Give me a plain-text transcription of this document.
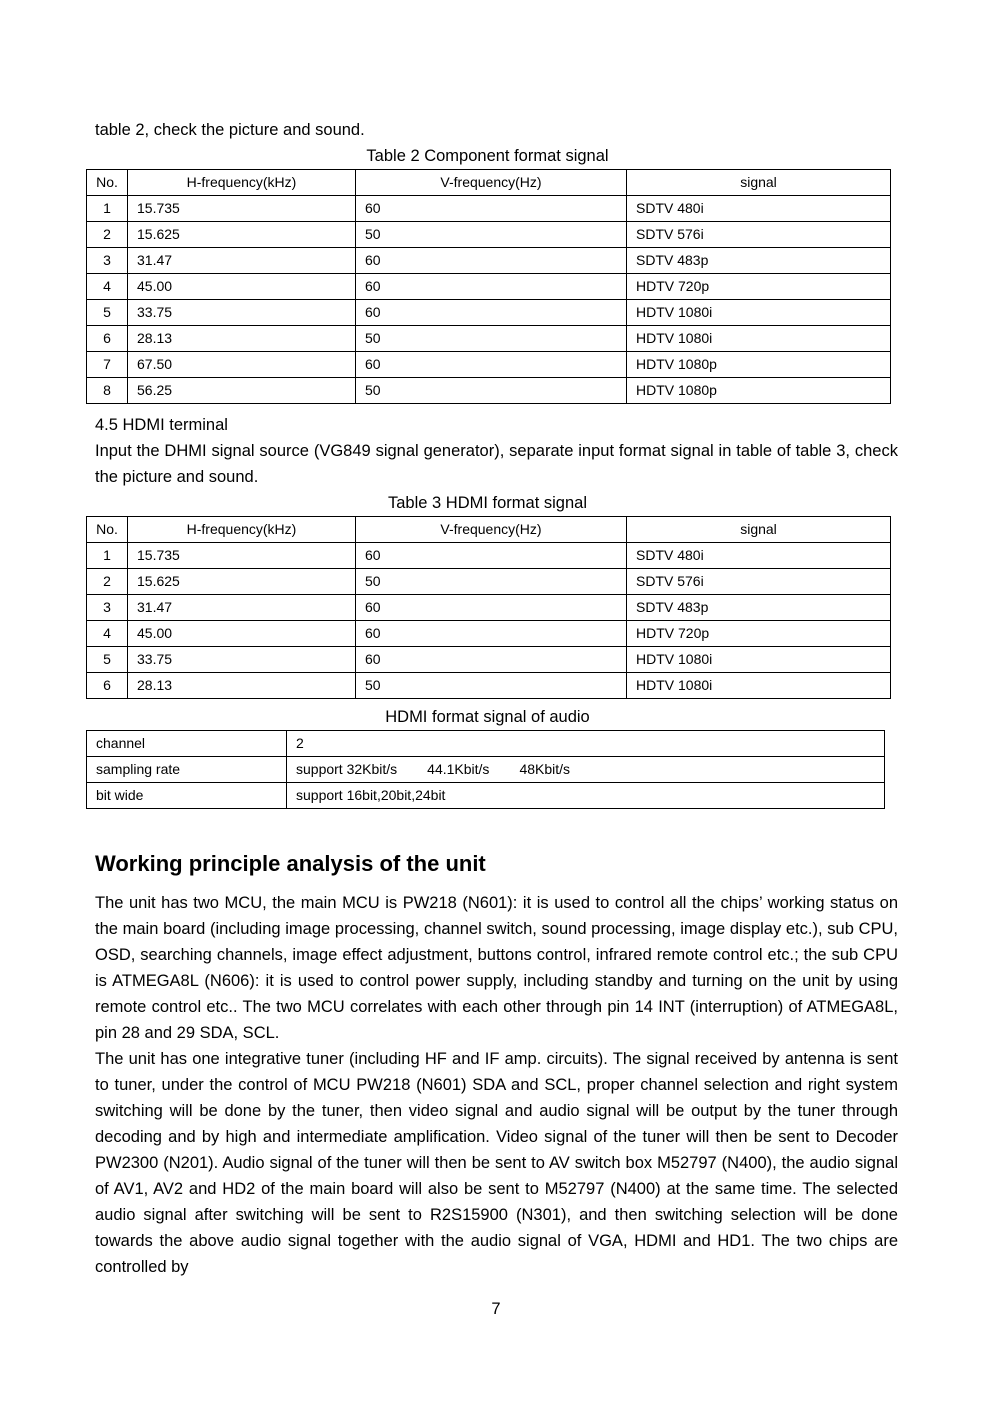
table 2, check the picture and sound.

Table 2 Component format signal

No.	H-frequency(kHz)	V-frequency(Hz)	signal
1	15.735	60	SDTV 480i
2	15.625	50	SDTV 576i
3	31.47	60	SDTV 483p
4	45.00	60	HDTV 720p
5	33.75	60	HDTV 1080i
6	28.13	50	HDTV 1080i
7	67.50	60	HDTV 1080p
8	56.25	50	HDTV 1080p

4.5 HDMI terminal

Input the DHMI signal source (VG849 signal generator), separate input format signal in table of table 3, check the picture and sound.

Table 3 HDMI format signal

No.	H-frequency(kHz)	V-frequency(Hz)	signal
1	15.735	60	SDTV 480i
2	15.625	50	SDTV 576i
3	31.47	60	SDTV 483p
4	45.00	60	HDTV 720p
5	33.75	60	HDTV 1080i
6	28.13	50	HDTV 1080i

HDMI format signal of audio

channel	2
sampling rate	support 32Kbit/s 44.1Kbit/s 48Kbit/s
bit wide	support 16bit,20bit,24bit
Working principle analysis of the unit

The unit has two MCU, the main MCU is PW218 (N601): it is used to control all the chips’ working status on the main board (including image processing, channel switch, sound processing, image display etc.), sub CPU, OSD, searching channels, image effect adjustment, buttons control, infrared remote control etc.; the sub CPU is ATMEGA8L (N606): it is used to control power supply, including standby and turning on the unit by using remote control etc.. The two MCU correlates with each other through pin 14 INT (interruption) of ATMEGA8L, pin 28 and 29 SDA, SCL.

The unit has one integrative tuner (including HF and IF amp. circuits). The signal received by antenna is sent to tuner, under the control of MCU PW218 (N601) SDA and SCL, proper channel selection and right system switching will be done by the tuner, then video signal and audio signal will be output by the tuner through decoding and by high and intermediate amplification. Video signal of the tuner will then be sent to Decoder PW2300 (N201). Audio signal of the tuner will then be sent to AV switch box M52797 (N400), the audio signal of AV1, AV2 and HD2 of the main board will also be sent to M52797 (N400) at the same time. The selected audio signal after switching will be sent to R2S15900 (N301), and then switching selection will be done towards the above audio signal together with the audio signal of VGA, HDMI and HD1. The two chips are controlled by

7
